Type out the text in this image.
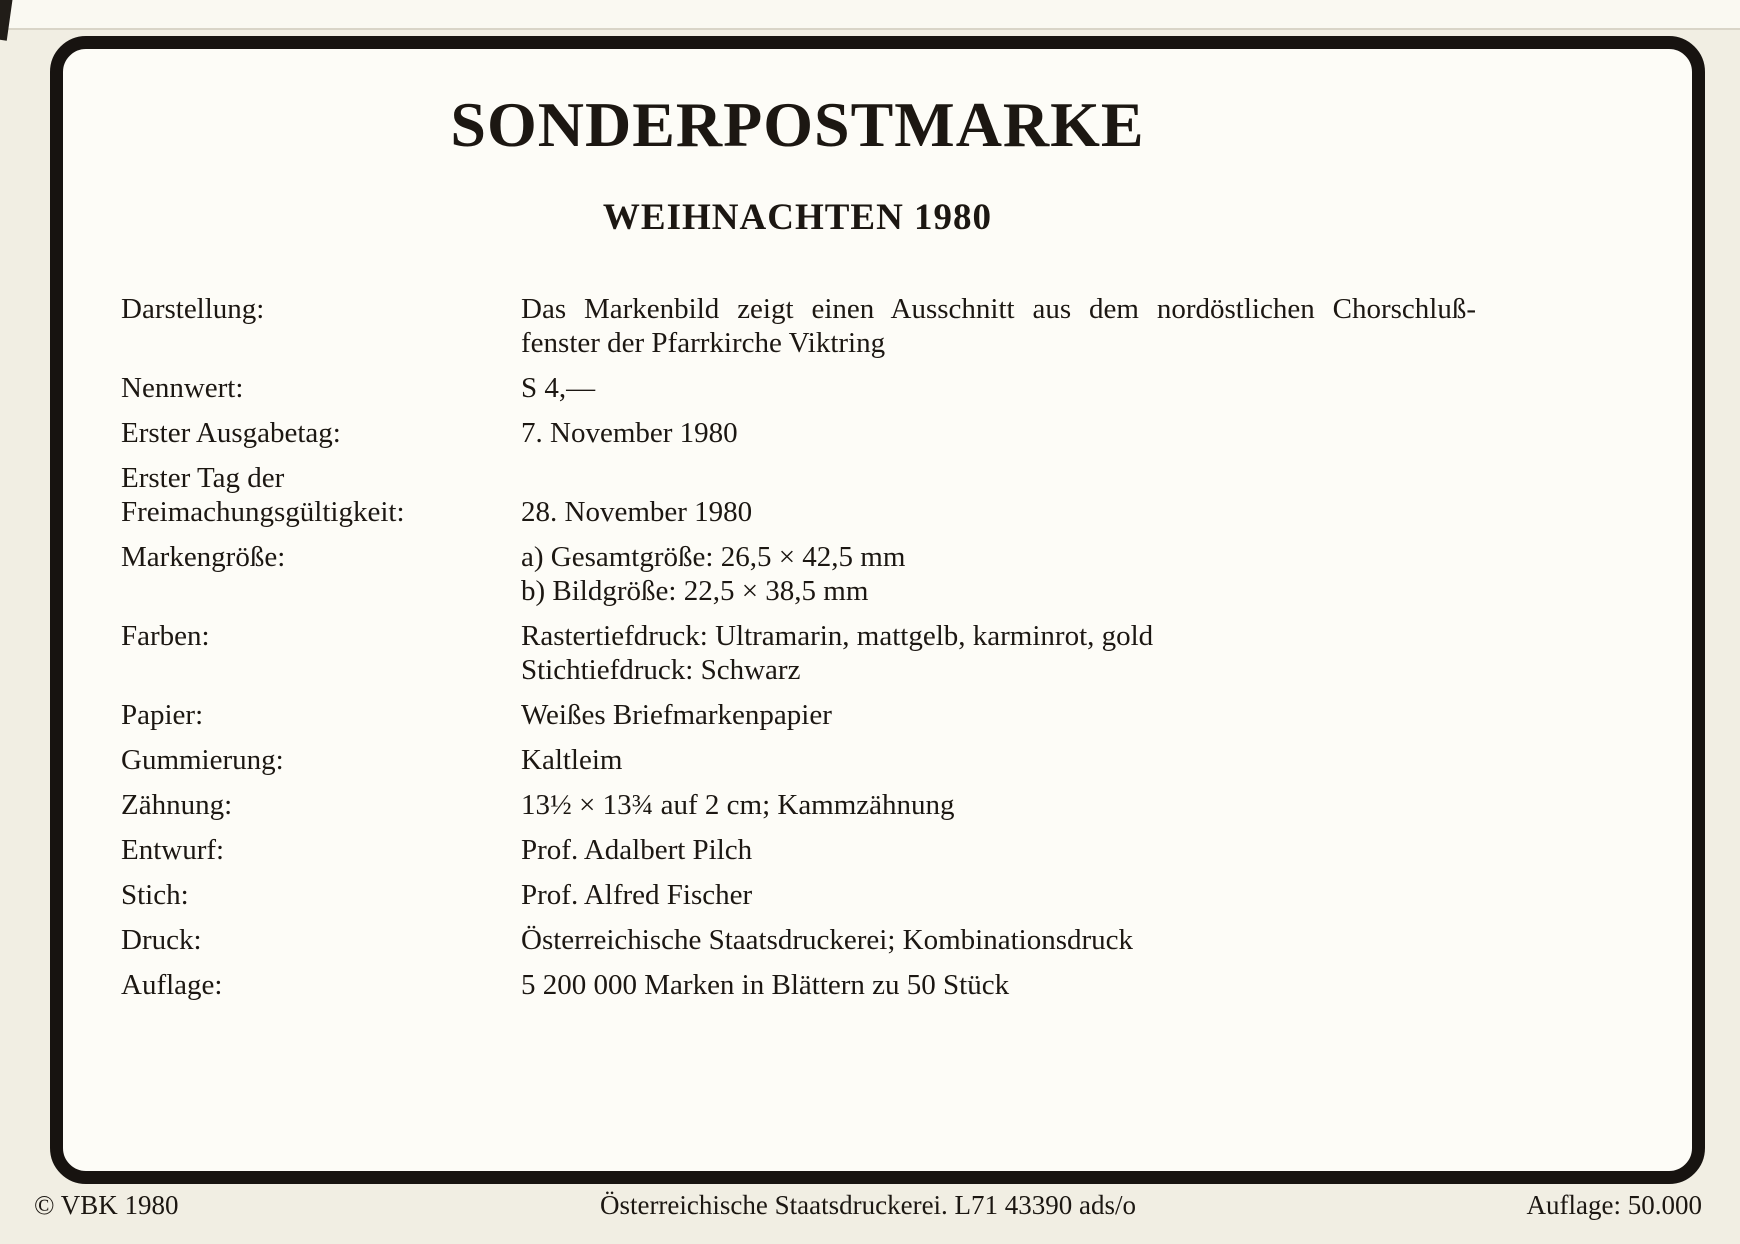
SONDERPOSTMARKE
WEIHNACHTEN 1980
Darstellung:	Das Markenbild zeigt einen Ausschnitt aus dem nordöstlichen Chorschluß-
fenster der Pfarrkirche Viktring
Nennwert:	S 4,—
Erster Ausgabetag:	7. November 1980
Erster Tag der
Freimachungsgültigkeit:	28. November 1980
Markengröße:	a) Gesamtgröße: 26,5 × 42,5 mm
b) Bildgröße: 22,5 × 38,5 mm
Farben:	Rastertiefdruck: Ultramarin, mattgelb, karminrot, gold
Stichtiefdruck: Schwarz
Papier:	Weißes Briefmarkenpapier
Gummierung:	Kaltleim
Zähnung:	13½ × 13¾ auf 2 cm; Kammzähnung
Entwurf:	Prof. Adalbert Pilch
Stich:	Prof. Alfred Fischer
Druck:	Österreichische Staatsdruckerei; Kombinationsdruck
Auflage:	5 200 000 Marken in Blättern zu 50 Stück
© VBK 1980	Österreichische Staatsdruckerei. L71 43390 ads/o	Auflage: 50.000
